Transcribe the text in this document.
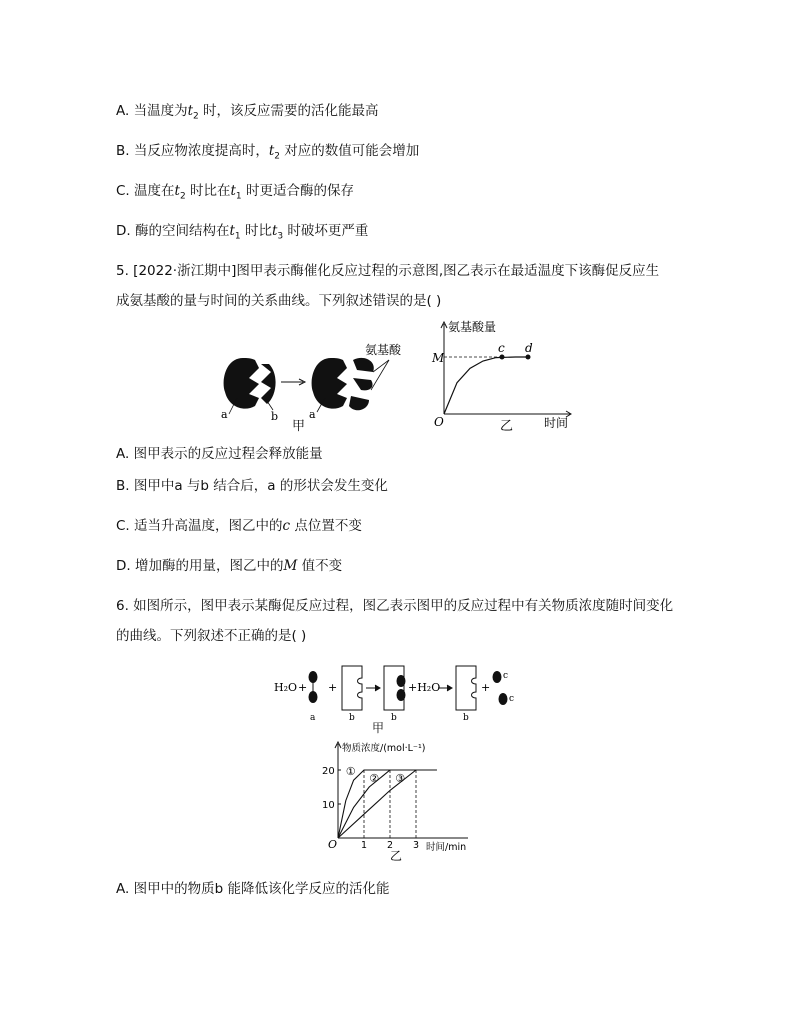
A. 当温度为$t_2$ 时，该反应需要的活化能最高
B. 当反应物浓度提高时，$t_2$ 对应的数值可能会增加
C. 温度在$t_2$ 时比在$t_1$ 时更适合酶的保存
D. 酶的空间结构在$t_1$ 时比$t_3$ 时破坏更严重
5. [2022·浙江期中]图甲表示酶催化反应过程的示意图,图乙表示在最适温度下该酶促反应生
成氨基酸的量与时间的关系曲线。下列叙述错误的是( )
a	b	a
氨基酸
甲
氨基酸量
M
c d
O	乙	时间
A. 图甲表示的反应过程会释放能量
B. 图甲中a 与b 结合后，a 的形状会发生变化
C. 适当升高温度，图乙中的c 点位置不变
D. 增加酶的用量，图乙中的M 值不变
6. 如图所示，图甲表示某酶促反应过程，图乙表示图甲的反应过程中有关物质浓度随时间变化
的曲线。下列叙述不正确的是( )
H₂O +
a
+
b	b
+H₂O
b
+
c
c
甲
物质浓度/(mol·L⁻¹)
10
20
1 2 3
①
② ③
O
乙
时间/min
A. 图甲中的物质b 能降低该化学反应的活化能
